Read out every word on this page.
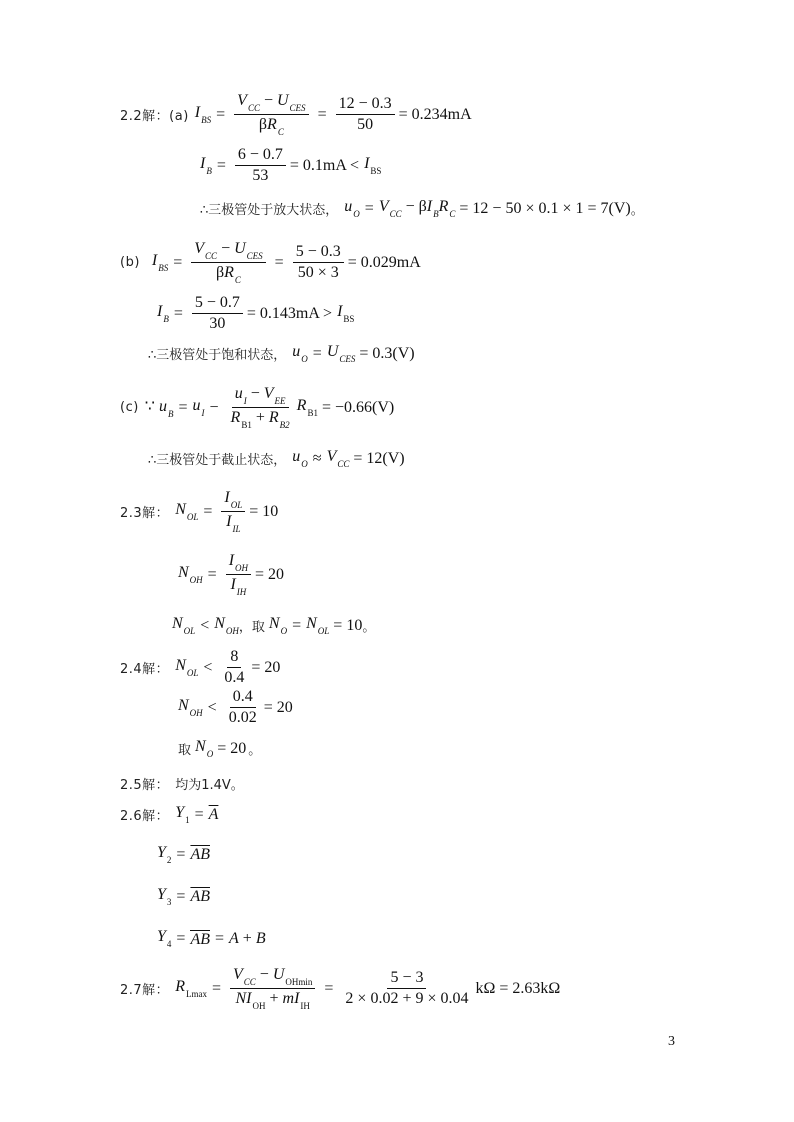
2.2解：(a) $I_{BS} = \frac{V_{CC} - U_{CES}}{\beta R_C} = \frac{12 - 0.3}{50} = 0.234mA$
$I_B = \frac{6 - 0.7}{53} = 0.1mA < I_{BS}$
∴三极管处于放大状态， $u_O = V_{CC} - \beta I_BR_C = 12 - 50 \times 0.1 \times 1 = 7(V)$ 。
(b) $I_{BS} = \frac{V_{CC} - U_{CES}}{\beta R_C} = \frac{5 - 0.3}{50 \times 3} = 0.029mA$
$I_B = \frac{5 - 0.7}{30} = 0.143mA > I_{BS}$
∴三极管处于饱和状态， $u_O = U_{CES} = 0.3(V)$
(c) ∵ $u_B = u_I - \frac{u_I - V_{EE}}{R_{B1} + R_{B2}} R_{B1} = -0.66(V)$
∴三极管处于截止状态， $u_O \approx V_{CC} = 12(V)$
2.3解： $N_{OL} = \frac{I_{OL}}{I_{IL}} = 10$
$N_{OH} = \frac{I_{OH}}{I_{IH}} = 20$
$N_{OL} < N_{OH}$ ，取 $N_O = N_{OL} = 10$ 。
2.4解： $N_{OL} < \frac{8}{0.4} = 20$
$N_{OH} < \frac{0.4}{0.02} = 20$
取 $N_O = 20$ 。
2.5解： 均为1.4V。
2.6解： $Y_1 = \overline{A}$
$Y_2 = \overline{AB}$
$Y_3 = \overline{AB}$
$Y_4 = \overline{AB} = A + B$
2.7解： $R_{Lmax} = \frac{V_{CC} - U_{OHmin}}{NI_{OH} + mI_{IH}} = \frac{5 - 3}{2 \times 0.02 + 9 \times 0.04}$ kΩ = 2.63kΩ
3
